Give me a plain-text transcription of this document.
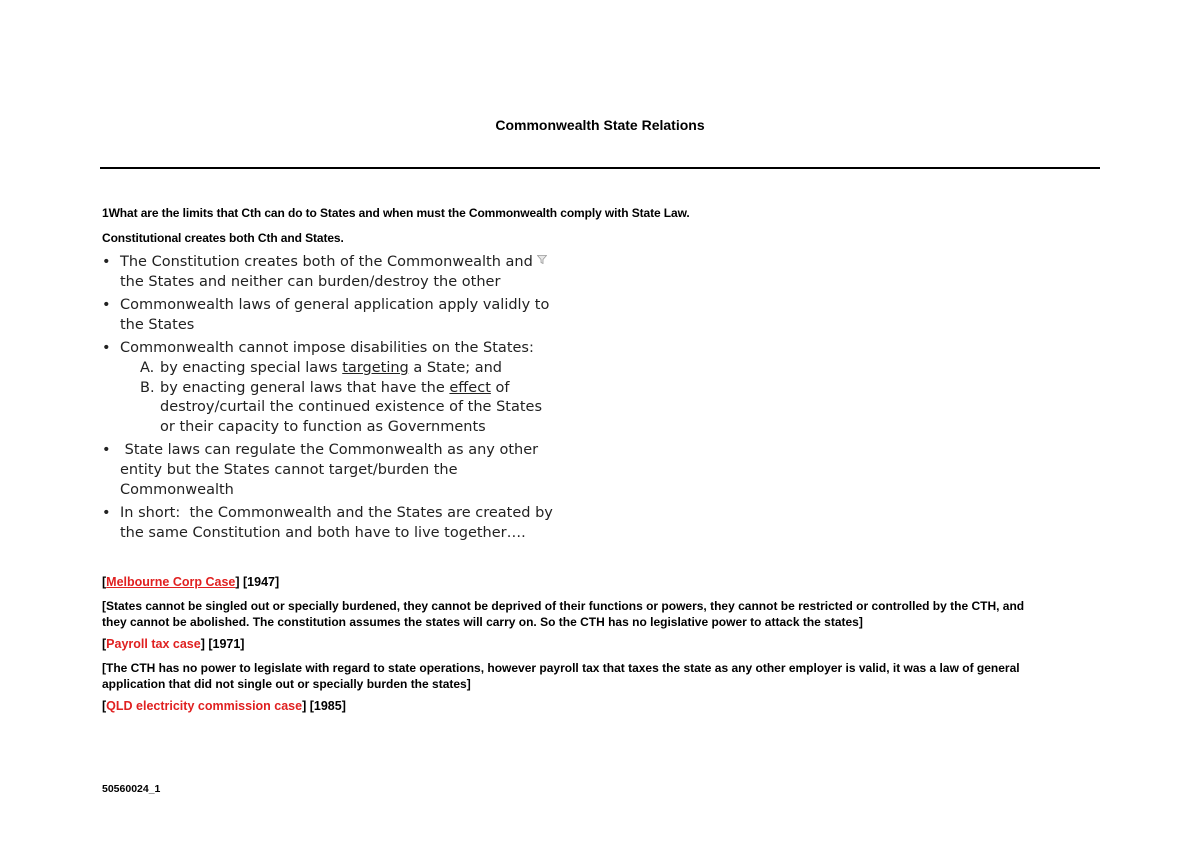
Commonwealth State Relations
1What are the limits that Cth can do to States and when must the Commonwealth comply with State Law.
Constitutional creates both Cth and States.
• The Constitution creates both of the Commonwealth and
the States and neither can burden/destroy the other
• Commonwealth laws of general application apply validly to
the States
• Commonwealth cannot impose disabilities on the States:
A. by enacting special laws targeting a State; and
B. by enacting general laws that have the effect of
destroy/curtail the continued existence of the States
or their capacity to function as Governments
• State laws can regulate the Commonwealth as any other
entity but the States cannot target/burden the
Commonwealth
• In short:  the Commonwealth and the States are created by
the same Constitution and both have to live together….
[Melbourne Corp Case] [1947]
[States cannot be singled out or specially burdened, they cannot be deprived of their functions or powers, they cannot be restricted or controlled by the CTH, and they cannot be abolished. The constitution assumes the states will carry on. So the CTH has no legislative power to attack the states]
[Payroll tax case] [1971]
[The CTH has no power to legislate with regard to state operations, however payroll tax that taxes the state as any other employer is valid, it was a law of general application that did not single out or specially burden the states]
[QLD electricity commission case] [1985]
50560024_1
